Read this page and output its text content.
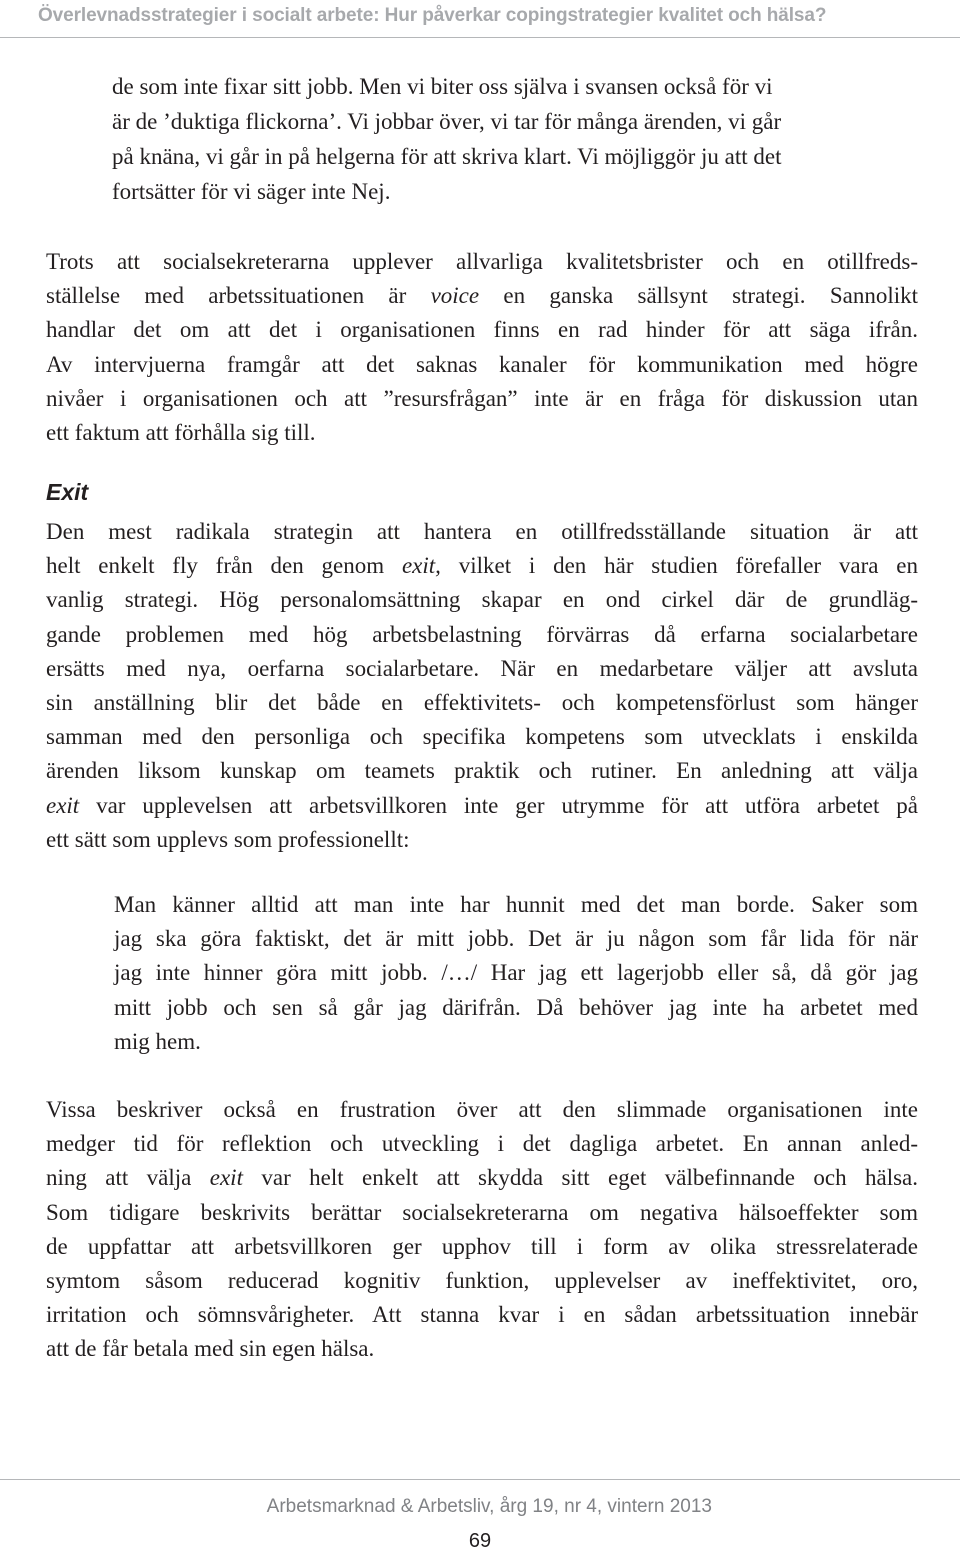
Överlevnadsstrategier i socialt arbete: Hur påverkar copingstrategier kvalitet och hälsa?

de som inte fixar sitt jobb. Men vi biter oss själva i svansen också för vi

är de ’duktiga flickorna’. Vi jobbar över, vi tar för många ärenden, vi går

på knäna, vi går in på helgerna för att skriva klart. Vi möjliggör ju att det

fortsätter för vi säger inte Nej.

Trots att socialsekreterarna upplever allvarliga kvalitetsbrister och en otillfreds-
ställelse med arbetssituationen är voice en ganska sällsynt strategi. Sannolikt
handlar det om att det i organisationen finns en rad hinder för att säga ifrån.
Av intervjuerna framgår att det saknas kanaler för kommunikation med högre
nivåer i organisationen och att ”resursfrågan” inte är en fråga för diskussion utan
ett faktum att förhålla sig till.
Exit
Den mest radikala strategin att hantera en otillfredsställande situation är att
helt enkelt fly från den genom exit, vilket i den här studien förefaller vara en
vanlig strategi. Hög personalomsättning skapar en ond cirkel där de grundläg-
gande problemen med hög arbetsbelastning förvärras då erfarna socialarbetare
ersätts med nya, oerfarna socialarbetare. När en medarbetare väljer att avsluta
sin anställning blir det både en effektivitets- och kompetensförlust som hänger
samman med den personliga och specifika kompetens som utvecklats i enskilda
ärenden liksom kunskap om teamets praktik och rutiner. En anledning att välja
exit var upplevelsen att arbetsvillkoren inte ger utrymme för att utföra arbetet på
ett sätt som upplevs som professionellt:
Man känner alltid att man inte har hunnit med det man borde. Saker som
jag ska göra faktiskt, det är mitt jobb. Det är ju någon som får lida för när
jag inte hinner göra mitt jobb. /…/ Har jag ett lagerjobb eller så, då gör jag
mitt jobb och sen så går jag därifrån. Då behöver jag inte ha arbetet med
mig hem.
Vissa beskriver också en frustration över att den slimmade organisationen inte
medger tid för reflektion och utveckling i det dagliga arbetet. En annan anled-
ning att välja exit var helt enkelt att skydda sitt eget välbefinnande och hälsa.
Som tidigare beskrivits berättar socialsekreterarna om negativa hälsoeffekter som
de uppfattar att arbetsvillkoren ger upphov till i form av olika stressrelaterade
symtom såsom reducerad kognitiv funktion, upplevelser av ineffektivitet, oro,
irritation och sömnsvårigheter. Att stanna kvar i en sådan arbetssituation innebär
att de får betala med sin egen hälsa.
Arbetsmarknad & Arbetsliv, årg 19, nr 4, vintern 2013
69
